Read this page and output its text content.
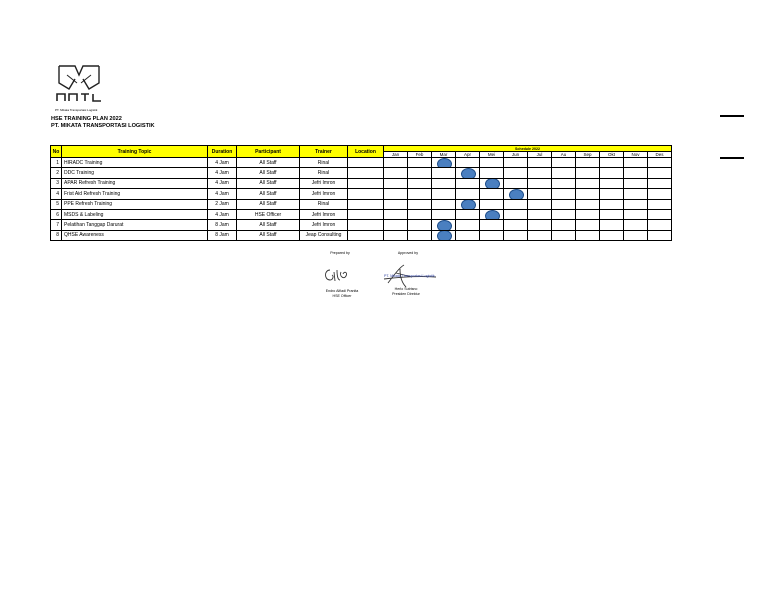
PT. Mikata Transportasi Logistik
HSE TRAINING PLAN 2022
PT. MIKATA TRANSPORTASI LOGISTIK
No	Training Topic	Duration	Participant	Trainer	Location	Schedule 2022											
						Jan	Feb	Mar	Apr	Mei	Jun	Jul	Au	Sep	Okt	Nov	Des
1	HIRADC Training	4 Jam	All Staff	Rinal				

2	DDC Training	4 Jam	All Staff	Rinal					

3	APAR Refresh Training	4 Jam	All Staff	Jefri Imron						

4	Frist Aid Refresh Training	4 Jam	All Staff	Jefri Imron							

5	PPE Refresh Training	2 Jam	All Staff	Rinal					

6	MSDS & Labeling	4 Jam	HSE Officer	Jefri Imron						

7	Pelatihan Tanggap Darurat	8 Jam	All Staff	Jefri Imron				

8	QHSE Awareness	8 Jam	All Staff	Jeap Consulting				

Prepared by	Approved by
PT. Mikata Transportasi Logistik
Endro Alfiadi Pranita
HSE Officer
Herlo Sutrisno
Presiden Direktur
